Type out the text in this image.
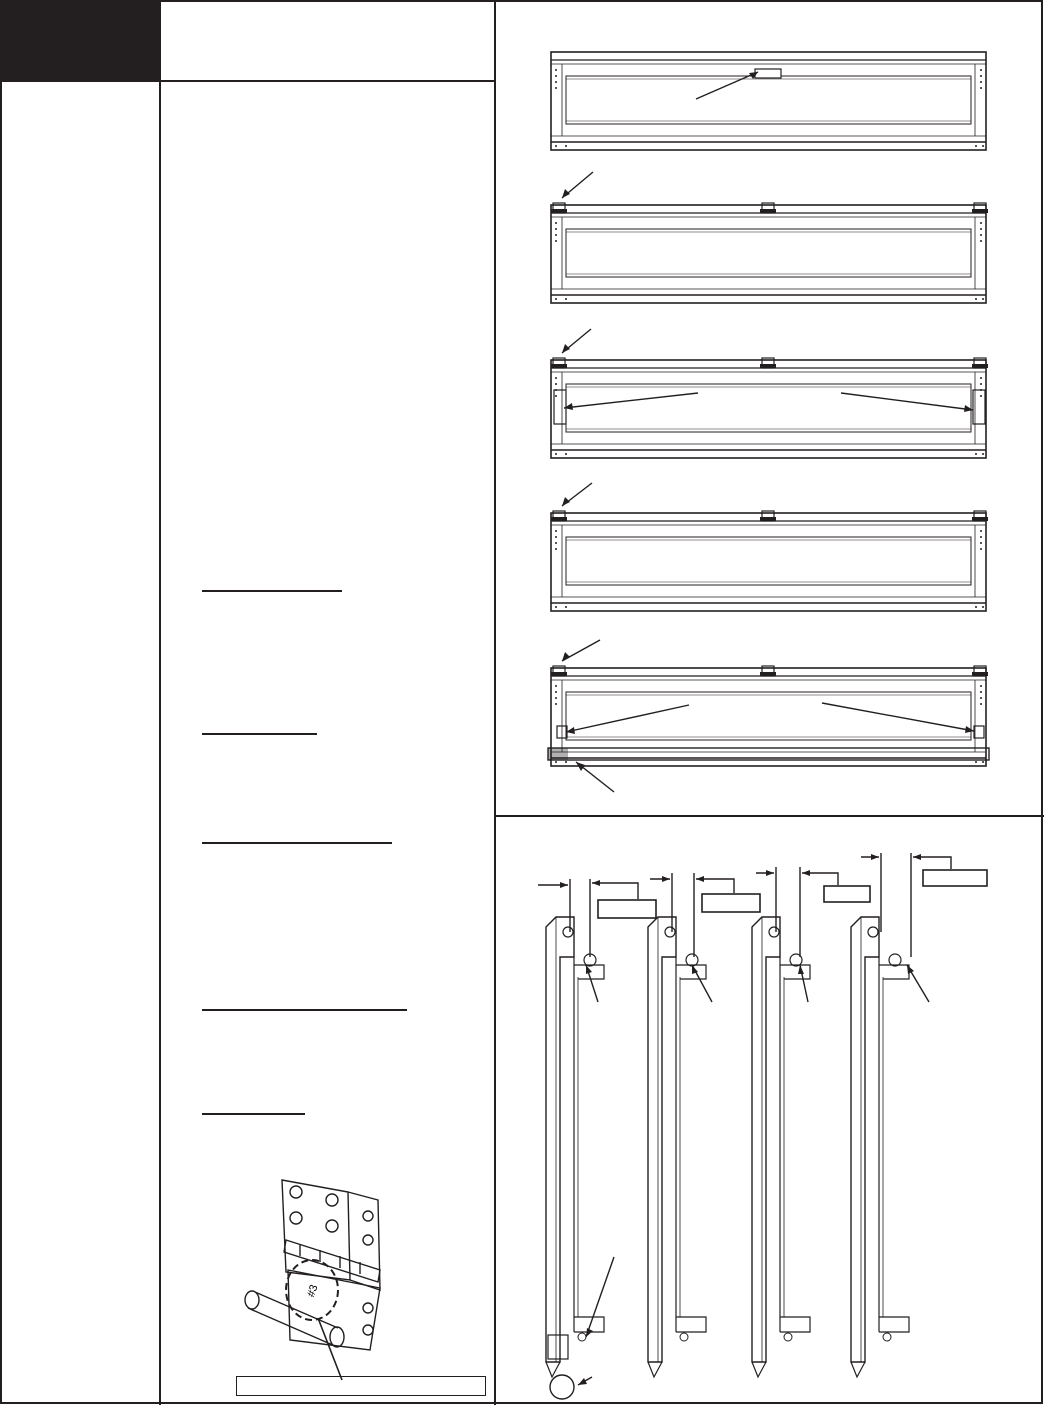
#3
